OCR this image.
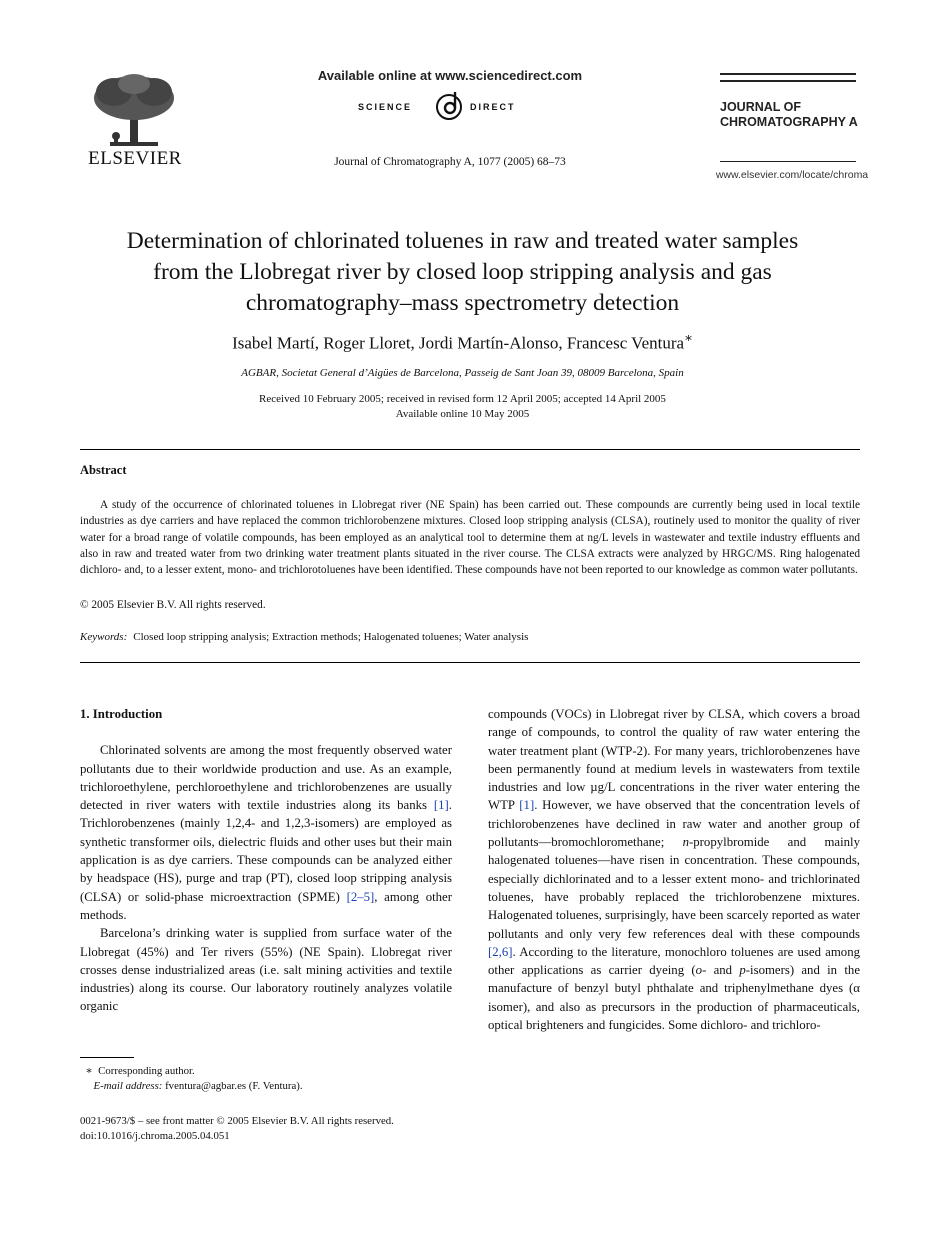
ELSEVIER
Available online at www.sciencedirect.com
SCIENCE	DIRECT
Journal of Chromatography A, 1077 (2005) 68–73
JOURNAL OF
CHROMATOGRAPHY A
www.elsevier.com/locate/chroma
Determination of chlorinated toluenes in raw and treated water samples
from the Llobregat river by closed loop stripping analysis and gas
chromatography–mass spectrometry detection
Isabel Martí, Roger Lloret, Jordi Martín-Alonso, Francesc Ventura∗
AGBAR, Societat General d’Aigües de Barcelona, Passeig de Sant Joan 39, 08009 Barcelona, Spain
Received 10 February 2005; received in revised form 12 April 2005; accepted 14 April 2005
Available online 10 May 2005
Abstract
A study of the occurrence of chlorinated toluenes in Llobregat river (NE Spain) has been carried out. These compounds are currently being used in local textile industries as dye carriers and have replaced the common trichlorobenzene mixtures. Closed loop stripping analysis (CLSA), routinely used to monitor the quality of river water for a broad range of volatile compounds, has been employed as an analytical tool to determine them at ng/L levels in wastewater and textile industry effluents and also in raw and treated water from two drinking water treatment plants situated in the river course. The CLSA extracts were analyzed by HRGC/MS. Ring halogenated dichloro- and, to a lesser extent, mono- and trichlorotoluenes have been identified. These compounds have not been reported to our knowledge as common water pollutants.
© 2005 Elsevier B.V. All rights reserved.
Keywords: Closed loop stripping analysis; Extraction methods; Halogenated toluenes; Water analysis

1. Introduction

Chlorinated solvents are among the most frequently observed water pollutants due to their worldwide production and use. As an example, trichloroethylene, perchloroethylene and trichlorobenzenes are usually detected in river waters with textile industries along its banks [1]. Trichlorobenzenes (mainly 1,2,4- and 1,2,3-isomers) are employed as synthetic transformer oils, dielectric fluids and other uses but their main application is as dye carriers. These compounds can be analyzed either by headspace (HS), purge and trap (PT), closed loop stripping analysis (CLSA) or solid-phase microextraction (SPME) [2–5], among other methods.

Barcelona’s drinking water is supplied from surface water of the Llobregat (45%) and Ter rivers (55%) (NE Spain). Llobregat river crosses dense industrialized areas (i.e. salt mining activities and textile industries) along its course. Our laboratory routinely analyzes volatile organic

compounds (VOCs) in Llobregat river by CLSA, which covers a broad range of compounds, to control the quality of raw water entering the water treatment plant (WTP-2). For many years, trichlorobenzenes have been permanently found at medium levels in wastewaters from textile industries and low µg/L concentrations in the river water entering the WTP [1]. However, we have observed that the concentration levels of trichlorobenzenes have declined in raw water and another group of pollutants—bromochloromethane; n-propylbromide and mainly halogenated toluenes—have risen in concentration. These compounds, especially dichlorinated and to a lesser extent mono- and trichlorinated toluenes, have probably replaced the trichlorobenzene mixtures. Halogenated toluenes, surprisingly, have been scarcely reported as water pollutants and only very few references deal with these compounds [2,6]. According to the literature, monochloro toluenes are used among other applications as carrier dyeing (o- and p-isomers) and in the manufacture of benzyl butyl phthalate and triphenylmethane dyes (α isomer), and also as precursors in the production of pharmaceuticals, optical brighteners and fungicides. Some dichloro- and trichloro-

∗ Corresponding author.
E-mail address: fventura@agbar.es (F. Ventura).
0021-9673/$ – see front matter © 2005 Elsevier B.V. All rights reserved.
doi:10.1016/j.chroma.2005.04.051
